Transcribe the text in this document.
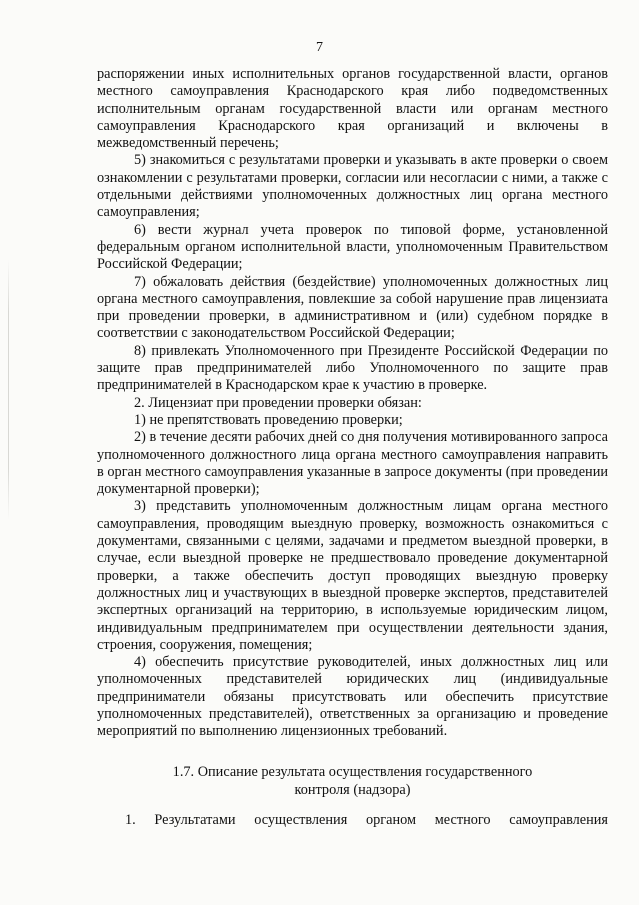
7

распоряжении иных исполнительных органов государственной власти, органов местного самоуправления Краснодарского края либо подведомственных исполнительным органам государственной власти или органам местного самоуправления Краснодарского края организаций и включены в межведомственный перечень;

5) знакомиться с результатами проверки и указывать в акте проверки о своем ознакомлении с результатами проверки, согласии или несогласии с ними, а также с отдельными действиями уполномоченных должностных лиц органа местного самоуправления;

6) вести журнал учета проверок по типовой форме, установленной федеральным органом исполнительной власти, уполномоченным Правительством Российской Федерации;

7) обжаловать действия (бездействие) уполномоченных должностных лиц органа местного самоуправления, повлекшие за собой нарушение прав лицензиата при проведении проверки, в административном и (или) судебном порядке в соответствии с законодательством Российской Федерации;

8) привлекать Уполномоченного при Президенте Российской Федерации по защите прав предпринимателей либо Уполномоченного по защите прав предпринимателей в Краснодарском крае к участию в проверке.

2. Лицензиат при проведении проверки обязан:

1) не препятствовать проведению проверки;

2) в течение десяти рабочих дней со дня получения мотивированного запроса уполномоченного должностного лица органа местного самоуправления направить в орган местного самоуправления указанные в запросе документы (при проведении документарной проверки);

3) представить уполномоченным должностным лицам органа местного самоуправления, проводящим выездную проверку, возможность ознакомиться с документами, связанными с целями, задачами и предметом выездной проверки, в случае, если выездной проверке не предшествовало проведение документарной проверки, а также обеспечить доступ проводящих выездную проверку должностных лиц и участвующих в выездной проверке экспертов, представителей экспертных организаций на территорию, в используемые юридическим лицом, индивидуальным предпринимателем при осуществлении деятельности здания, строения, сооружения, помещения;

4) обеспечить присутствие руководителей, иных должностных лиц или уполномоченных представителей юридических лиц (индивидуальные предприниматели обязаны присутствовать или обеспечить присутствие уполномоченных представителей), ответственных за организацию и проведение мероприятий по выполнению лицензионных требований.

1.7. Описание результата осуществления государственного
контроля (надзора)

1. Результатами осуществления органом местного самоуправления
